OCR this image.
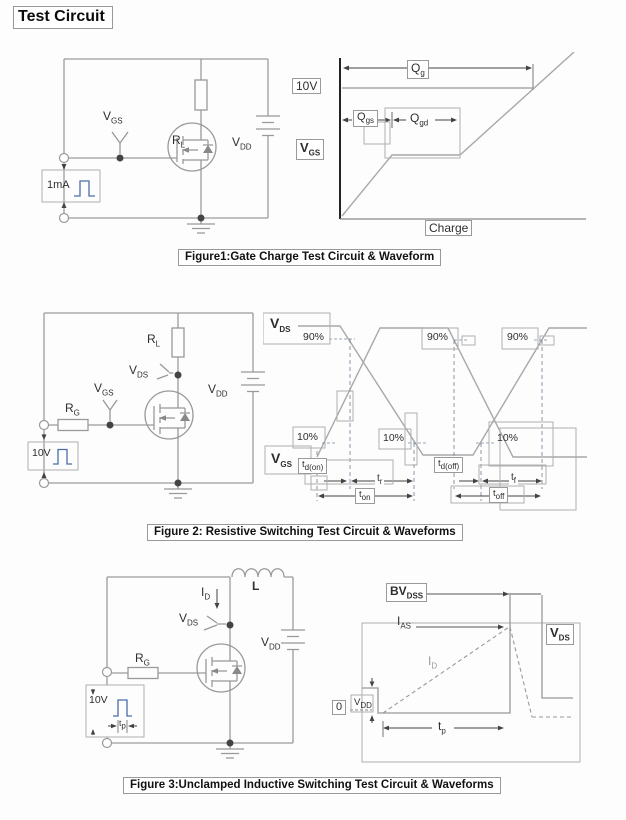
Test Circuit
$R_L$
$V_{GS}$
$V_{DD}$
1mA
10V
$V_{GS}$
$Q_g$
$Q_{gs}$	$Q_{gd}$
Charge
Figure1:Gate Charge Test Circuit & Waveform
$R_L$
$R_G$
$V_{GS}$
$V_{DS}$
$V_{DD}$
10V
$V_{DS}$
$V_{GS}$
90%	90%	90%
10%	10%	10%
$t_{d(on)}$
$t_r$
$t_{on}$
$t_{d(off)}$
$t_f$
$t_{off}$
Figure 2: Resistive Switching Test Circuit & Waveforms
L
$I_D$
$V_{DS}$
$R_G$
$V_{DD}$
10V
$t_p$
$BV_{DSS}$
$I_{AS}$	$V_{DS}$
$I_D$
$V_{DD}$
0
$t_p$
Figure 3:Unclamped Inductive Switching Test Circuit & Waveforms
